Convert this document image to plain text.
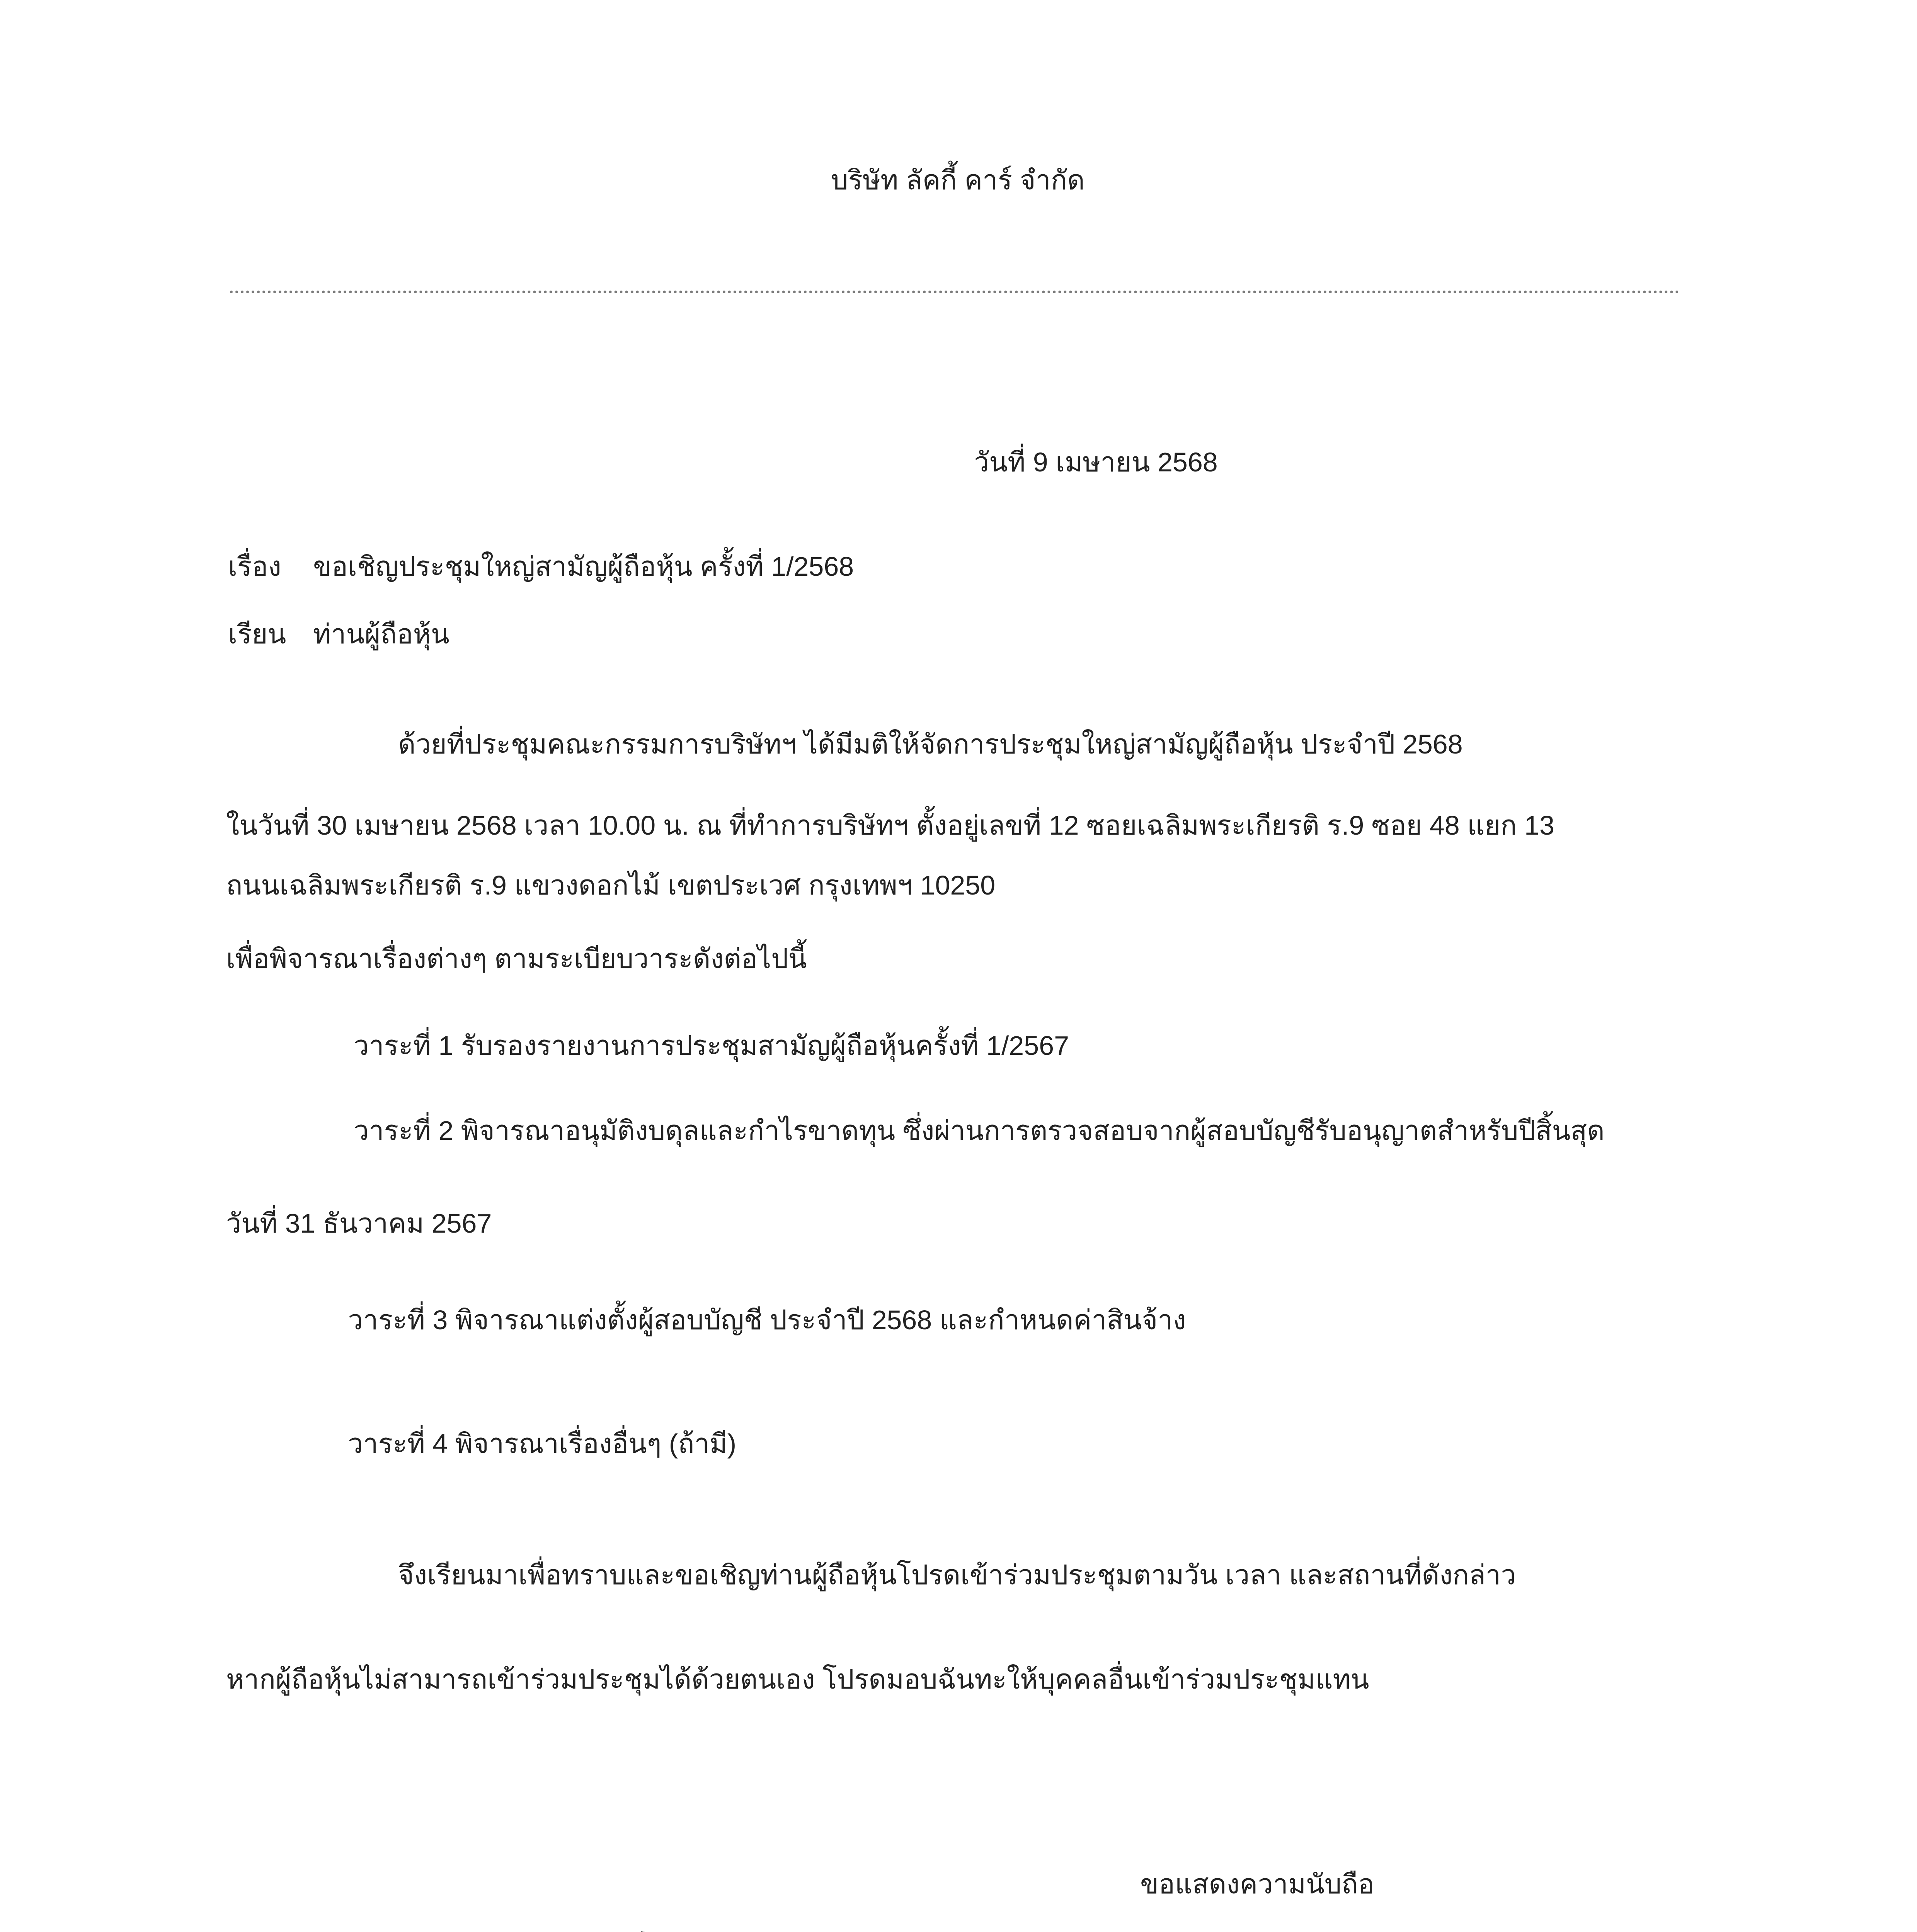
บริษัท ลัคกี้ คาร์ จำกัด
วันที่ 9 เมษายน 2568
เรื่อง ขอเชิญประชุมใหญ่สามัญผู้ถือหุ้น ครั้งที่ 1/2568
เรียน ท่านผู้ถือหุ้น
ด้วยที่ประชุมคณะกรรมการบริษัทฯ ได้มีมติให้จัดการประชุมใหญ่สามัญผู้ถือหุ้น ประจำปี 2568
ในวันที่ 30 เมษายน 2568 เวลา 10.00 น. ณ ที่ทำการบริษัทฯ ตั้งอยู่เลขที่ 12 ซอยเฉลิมพระเกียรติ ร.9 ซอย 48 แยก 13
ถนนเฉลิมพระเกียรติ ร.9 แขวงดอกไม้ เขตประเวศ กรุงเทพฯ 10250
เพื่อพิจารณาเรื่องต่างๆ ตามระเบียบวาระดังต่อไปนี้
วาระที่ 1 รับรองรายงานการประชุมสามัญผู้ถือหุ้นครั้งที่ 1/2567
วาระที่ 2 พิจารณาอนุมัติงบดุลและกำไรขาดทุน ซึ่งผ่านการตรวจสอบจากผู้สอบบัญชีรับอนุญาตสำหรับปีสิ้นสุด
วันที่ 31 ธันวาคม 2567
วาระที่ 3 พิจารณาแต่งตั้งผู้สอบบัญชี ประจำปี 2568 และกำหนดค่าสินจ้าง
วาระที่ 4 พิจารณาเรื่องอื่นๆ (ถ้ามี)
จึงเรียนมาเพื่อทราบและขอเชิญท่านผู้ถือหุ้นโปรดเข้าร่วมประชุมตามวัน เวลา และสถานที่ดังกล่าว
หากผู้ถือหุ้นไม่สามารถเข้าร่วมประชุมได้ด้วยตนเอง โปรดมอบฉันทะให้บุคคลอื่นเข้าร่วมประชุมแทน
ขอแสดงความนับถือ
